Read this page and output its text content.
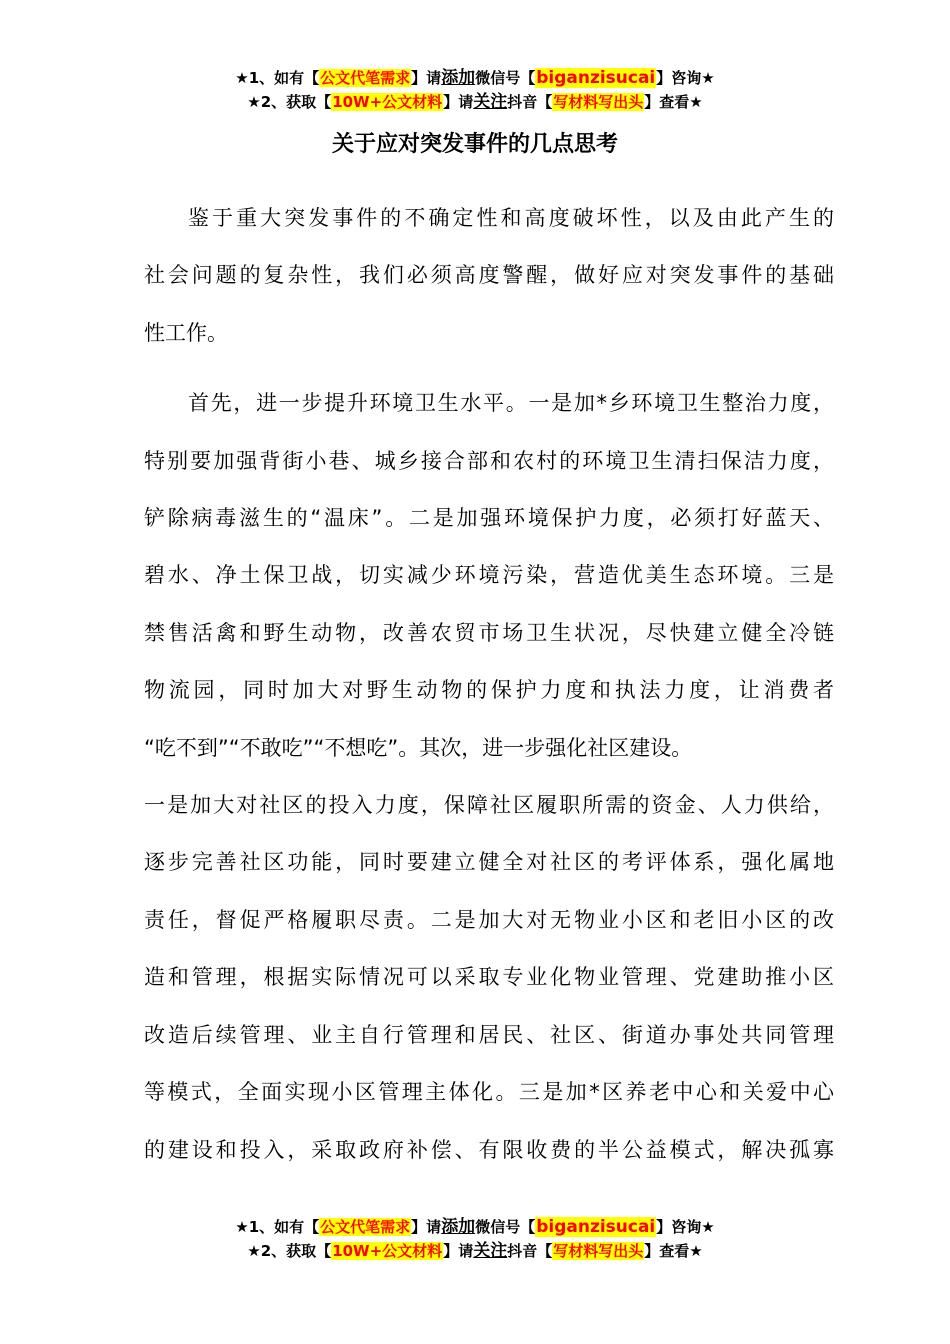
★1、如有【公文代笔需求】请添加微信号【biganzisucai】咨询★
★2、获取【10W+公文材料】请关注抖音【写材料写出头】查看★
关于应对突发事件的几点思考

鉴于重大突发事件的不确定性和高度破坏性，以及由此产生的
社会问题的复杂性，我们必须高度警醒，做好应对突发事件的基础
性工作。

首先，进一步提升环境卫生水平。一是加*乡环境卫生整治力度，
特别要加强背街小巷、城乡接合部和农村的环境卫生清扫保洁力度，
铲除病毒滋生的“温床”。二是加强环境保护力度，必须打好蓝天、
碧水、净土保卫战，切实减少环境污染，营造优美生态环境。三是
禁售活禽和野生动物，改善农贸市场卫生状况，尽快建立健全冷链
物流园，同时加大对野生动物的保护力度和执法力度，让消费者
“吃不到”“不敢吃”“不想吃”。其次，进一步强化社区建设。
一是加大对社区的投入力度，保障社区履职所需的资金、人力供给，
逐步完善社区功能，同时要建立健全对社区的考评体系，强化属地
责任，督促严格履职尽责。二是加大对无物业小区和老旧小区的改
造和管理，根据实际情况可以采取专业化物业管理、党建助推小区
改造后续管理、业主自行管理和居民、社区、街道办事处共同管理
等模式，全面实现小区管理主体化。三是加*区养老中心和关爱中心
的建设和投入，采取政府补偿、有限收费的半公益模式，解决孤寡

★1、如有【公文代笔需求】请添加微信号【biganzisucai】咨询★
★2、获取【10W+公文材料】请关注抖音【写材料写出头】查看★
